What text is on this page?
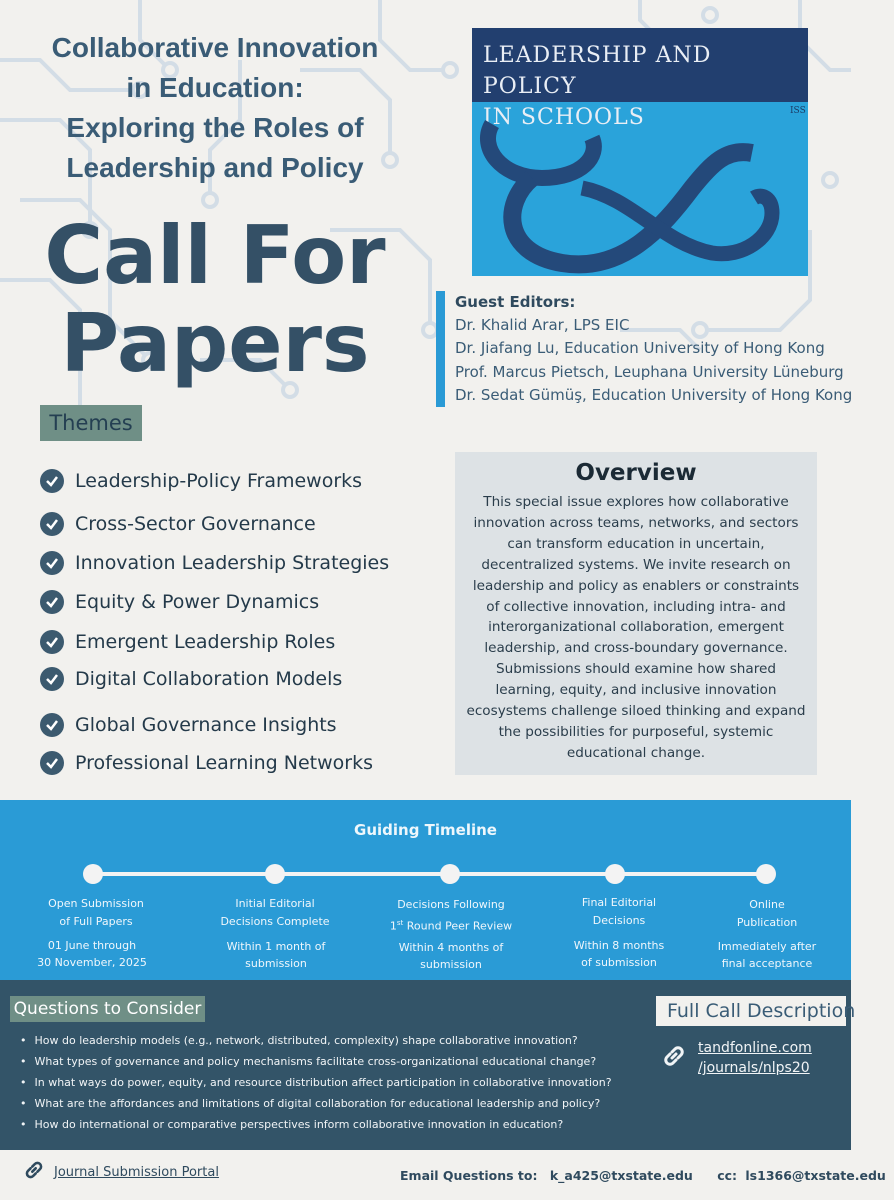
Collaborative Innovation
in Education:
Exploring the Roles of
Leadership and Policy
Call For
Papers
LEADERSHIP AND POLICY
IN SCHOOLS	ISS
Guest Editors:
Dr. Khalid Arar, LPS EIC
Dr. Jiafang Lu, Education University of Hong Kong
Prof. Marcus Pietsch, Leuphana University Lüneburg
Dr. Sedat Gümüş, Education University of Hong Kong
Themes
Leadership-Policy Frameworks
Cross-Sector Governance
Innovation Leadership Strategies
Equity & Power Dynamics
Emergent Leadership Roles
Digital Collaboration Models
Global Governance Insights
Professional Learning Networks
Overview
This special issue explores how collaborative innovation across teams, networks, and sectors can transform education in uncertain, decentralized systems. We invite research on leadership and policy as enablers or constraints of collective innovation, including intra- and interorganizational collaboration, emergent leadership, and cross-boundary governance. Submissions should examine how shared learning, equity, and inclusive innovation ecosystems challenge siloed thinking and expand the possibilities for purposeful, systemic educational change.
Guiding Timeline
Open Submission
of Full Papers
01 June through
30 November, 2025
Initial Editorial
Decisions Complete
Within 1 month of
submission
Decisions Following
1st Round Peer Review
Within 4 months of
submission
Final Editorial
Decisions
Within 8 months
of submission
Online
Publication
Immediately after
final acceptance
Questions to Consider
• How do leadership models (e.g., network, distributed, complexity) shape collaborative innovation?
• What types of governance and policy mechanisms facilitate cross-organizational educational change?
• In what ways do power, equity, and resource distribution affect participation in collaborative innovation?
• What are the affordances and limitations of digital collaboration for educational leadership and policy?
• How do international or comparative perspectives inform collaborative innovation in education?
Full Call Description
tandfonline.com
/journals/nlps20
Journal Submission Portal	Email Questions to: k_a425@txstate.edu cc: ls1366@txstate.edu
